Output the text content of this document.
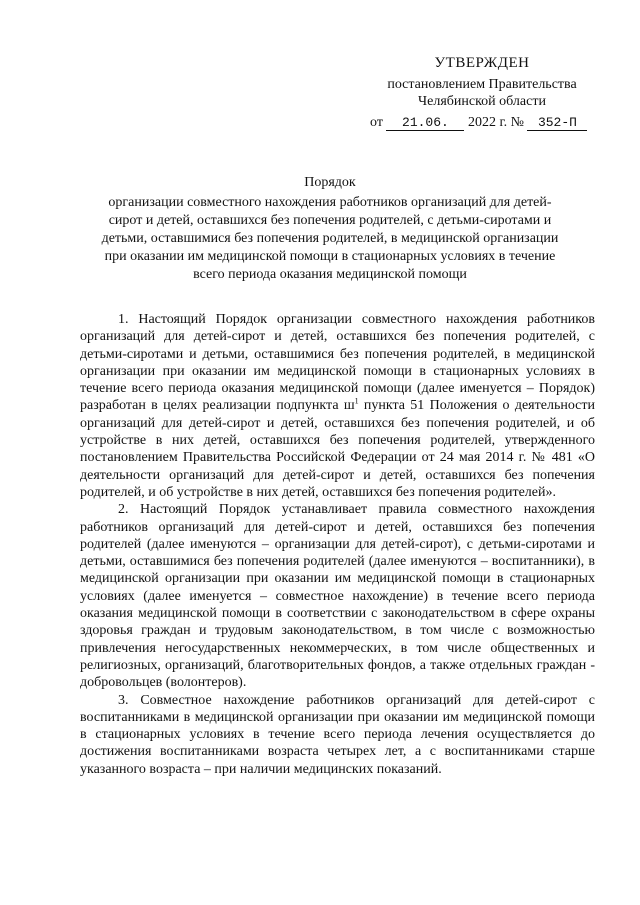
УТВЕРЖДЕН
постановлением Правительства
Челябинской области
от 21.06. 2022 г. № 352-П
Порядок
организации совместного нахождения работников организаций для детей-
сирот и детей, оставшихся без попечения родителей, с детьми-сиротами и
детьми, оставшимися без попечения родителей, в медицинской организации
при оказании им медицинской помощи в стационарных условиях в течение
всего периода оказания медицинской помощи

1. Настоящий Порядок организации совместного нахождения работников организаций для детей-сирот и детей, оставшихся без попечения родителей, с детьми-сиротами и детьми, оставшимися без попечения родителей, в медицинской организации при оказании им медицинской помощи в стационарных условиях в течение всего периода оказания медицинской помощи (далее именуется – Порядок) разработан в целях реализации подпункта $ш^1$ пункта 51 Положения о деятельности организаций для детей-сирот и детей, оставшихся без попечения родителей, и об устройстве в них детей, оставшихся без попечения родителей, утвержденного постановлением Правительства Российской Федерации от 24 мая 2014 г. № 481 «О деятельности организаций для детей-сирот и детей, оставшихся без попечения родителей, и об устройстве в них детей, оставшихся без попечения родителей».

2. Настоящий Порядок устанавливает правила совместного нахождения работников организаций для детей-сирот и детей, оставшихся без попечения родителей (далее именуются – организации для детей-сирот), с детьми-сиротами и детьми, оставшимися без попечения родителей (далее именуются – воспитанники), в медицинской организации при оказании им медицинской помощи в стационарных условиях (далее именуется – совместное нахождение) в течение всего периода оказания медицинской помощи в соответствии с законодательством в сфере охраны здоровья граждан и трудовым законодательством, в том числе с возможностью привлечения негосударственных некоммерческих, в том числе общественных и религиозных, организаций, благотворительных фондов, а также отдельных граждан - добровольцев (волонтеров).

3. Совместное нахождение работников организаций для детей-сирот с воспитанниками в медицинской организации при оказании им медицинской помощи в стационарных условиях в течение всего периода лечения осуществляется до достижения воспитанниками возраста четырех лет, а с воспитанниками старше указанного возраста – при наличии медицинских показаний.
